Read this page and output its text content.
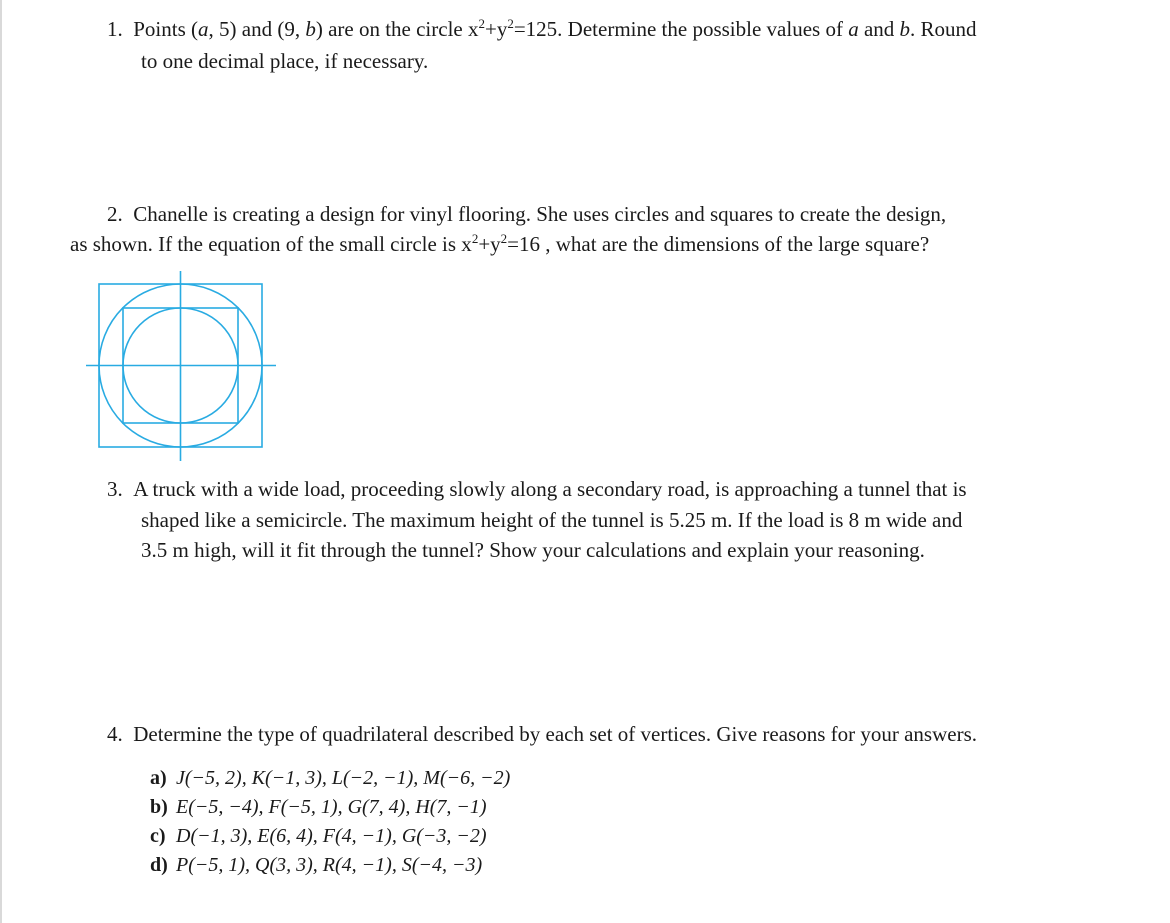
1. Points (a, 5) and (9, b) are on the circle $x^2+y^2=125$. Determine the possible values of a and b. Round
to one decimal place, if necessary.
2. Chanelle is creating a design for vinyl flooring. She uses circles and squares to create the design,
as shown. If the equation of the small circle is $x^2+y^2=16$ , what are the dimensions of the large square?
3. A truck with a wide load, proceeding slowly along a secondary road, is approaching a tunnel that is
shaped like a semicircle. The maximum height of the tunnel is 5.25 m. If the load is 8 m wide and
3.5 m high, will it fit through the tunnel? Show your calculations and explain your reasoning.
4. Determine the type of quadrilateral described by each set of vertices. Give reasons for your answers.
a) J(−5, 2), K(−1, 3), L(−2, −1), M(−6, −2)
b) E(−5, −4), F(−5, 1), G(7, 4), H(7, −1)
c) D(−1, 3), E(6, 4), F(4, −1), G(−3, −2)
d) P(−5, 1), Q(3, 3), R(4, −1), S(−4, −3)
